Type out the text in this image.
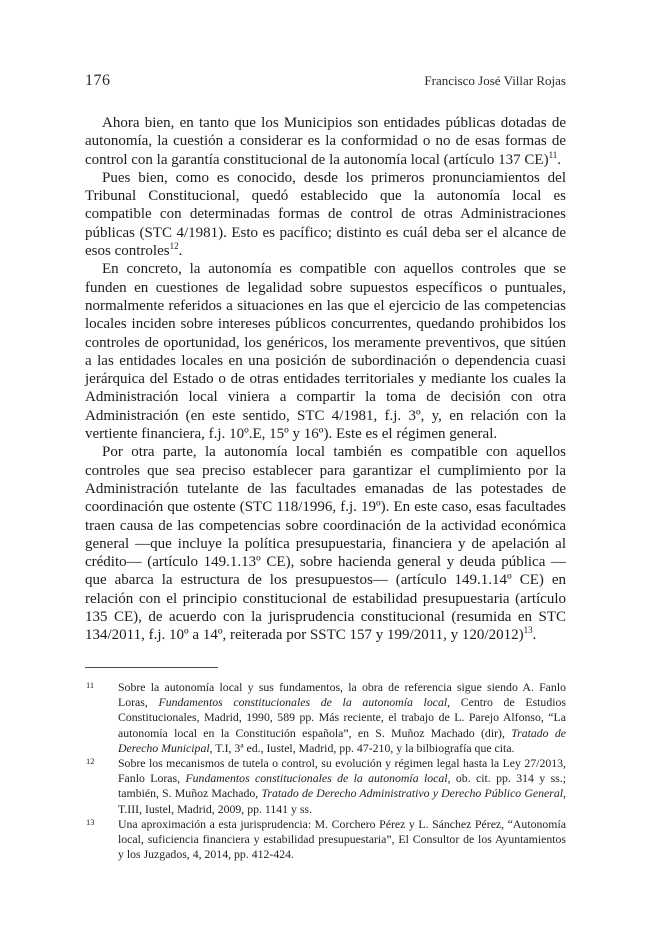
176	Francisco José Villar Rojas

Ahora bien, en tanto que los Municipios son entidades públicas dotadas de autonomía, la cuestión a considerar es la conformidad o no de esas formas de control con la garantía constitucional de la autonomía local (artículo 137 CE)$^{11}$.

Pues bien, como es conocido, desde los primeros pronunciamientos del Tribunal Constitucional, quedó establecido que la autonomía local es compatible con determinadas formas de control de otras Administraciones públicas (STC 4/1981). Esto es pacífico; distinto es cuál deba ser el alcance de esos controles$^{12}$.

En concreto, la autonomía es compatible con aquellos controles que se funden en cuestiones de legalidad sobre supuestos específicos o puntuales, normalmente referidos a situaciones en las que el ejercicio de las competencias locales inciden sobre intereses públicos concurrentes, quedando prohibidos los controles de oportunidad, los genéricos, los meramente preventivos, que sitúen a las entidades locales en una posición de subordinación o dependencia cuasi jerárquica del Estado o de otras entidades territoriales y mediante los cuales la Administración local viniera a compartir la toma de decisión con otra Administración (en este sentido, STC 4/1981, f.j. 3º, y, en relación con la vertiente financiera, f.j. 10º.E, 15º y 16º). Este es el régimen general.

Por otra parte, la autonomía local también es compatible con aquellos controles que sea preciso establecer para garantizar el cumplimiento por la Administración tutelante de las facultades emanadas de las potestades de coordinación que ostente (STC 118/1996, f.j. 19º). En este caso, esas facultades traen causa de las competencias sobre coordinación de la actividad económica general —que incluye la política presupuestaria, financiera y de apelación al crédito— (artículo 149.1.13º CE), sobre hacienda general y deuda pública —que abarca la estructura de los presupuestos— (artículo 149.1.14º CE) en relación con el principio constitucional de estabilidad presupuestaria (artículo 135 CE), de acuerdo con la jurisprudencia constitucional (resumida en STC 134/2011, f.j. 10º a 14º, reiterada por SSTC 157 y 199/2011, y 120/2012)$^{13}$.

11 Sobre la autonomía local y sus fundamentos, la obra de referencia sigue siendo A. Fanlo Loras, Fundamentos constitucionales de la autonomía local, Centro de Estudios Constitucionales, Madrid, 1990, 589 pp. Más reciente, el trabajo de L. Parejo Alfonso, “La autonomía local en la Constitución española”, en S. Muñoz Machado (dir), Tratado de Derecho Municipal, T.I, 3ª ed., Iustel, Madrid, pp. 47-210, y la bilbiografía que cita.
12 Sobre los mecanismos de tutela o control, su evolución y régimen legal hasta la Ley 27/2013, Fanlo Loras, Fundamentos constitucionales de la autonomía local, ob. cit. pp. 314 y ss.; también, S. Muñoz Machado, Tratado de Derecho Administrativo y Derecho Público General, T.III, Iustel, Madrid, 2009, pp. 1141 y ss.
13 Una aproximación a esta jurisprudencia: M. Corchero Pérez y L. Sánchez Pérez, “Autonomía local, suficiencia financiera y estabilidad presupuestaria”, El Consultor de los Ayuntamientos y los Juzgados, 4, 2014, pp. 412-424.
